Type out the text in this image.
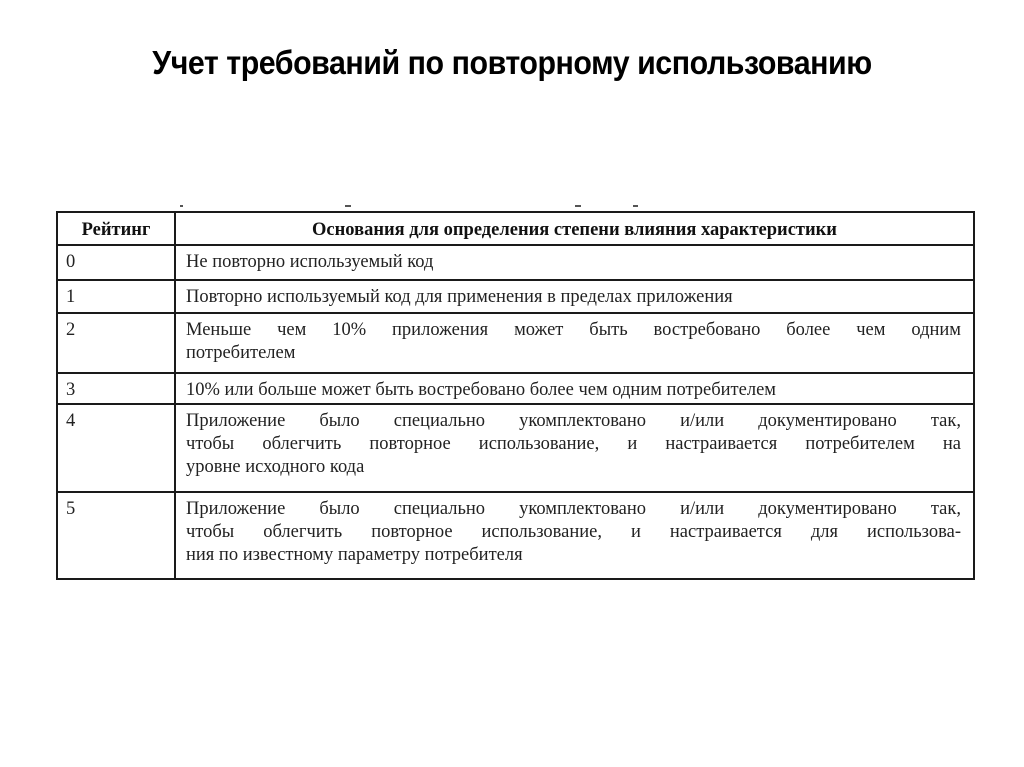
Учет требований по повторному использованию
Рейтинг	Основания для определения степени влияния характеристики

0	Не повторно используемый код

1	Повторно используемый код для применения в пределах приложения

2	Меньше чем 10% приложения может быть востребовано более чем одним
потребителем

3	10% или больше может быть востребовано более чем одним потребителем

4	Приложение было специально укомплектовано и/или документировано так,
чтобы облегчить повторное использование, и настраивается потребителем на
уровне исходного кода

5	Приложение было специально укомплектовано и/или документировано так,
чтобы облегчить повторное использование, и настраивается для использова-
ния по известному параметру потребителя
